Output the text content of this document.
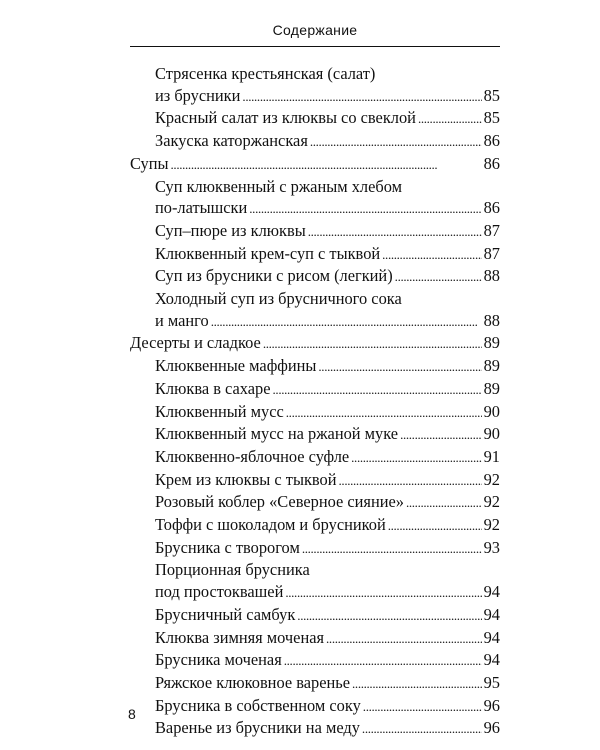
Содержание
Стрясенка крестьянская (салат)
из брусники . . .	85
Красный салат из клюквы со свеклой . . .	85
Закуска каторжанская . . .	86
Супы . . .	86
Суп клюквенный с ржаным хлебом
по-латышски . . .	86
Суп–пюре из клюквы . . .	87
Клюквенный крем-суп с тыквой . . .	87
Суп из брусники с рисом (легкий) . . .	88
Холодный суп из брусничного сока
и манго . . .	88
Десерты и сладкое . . .	89
Клюквенные маффины . . .	89
Клюква в сахаре . . .	89
Клюквенный мусс . . .	90
Клюквенный мусс на ржаной муке . . .	90
Клюквенно-яблочное суфле . . .	91
Крем из клюквы с тыквой . . .	92
Розовый коблер «Северное сияние» . . .	92
Тоффи с шоколадом и брусникой . . .	92
Брусника с творогом . . .	93
Порционная брусника
под простоквашей . . .	94
Брусничный самбук . . .	94
Клюква зимняя моченая . . .	94
Брусника моченая . . .	94
Ряжское клюковное варенье . . .	95
Брусника в собственном соку . . .	96
Варенье из брусники на меду . . .	96
8
